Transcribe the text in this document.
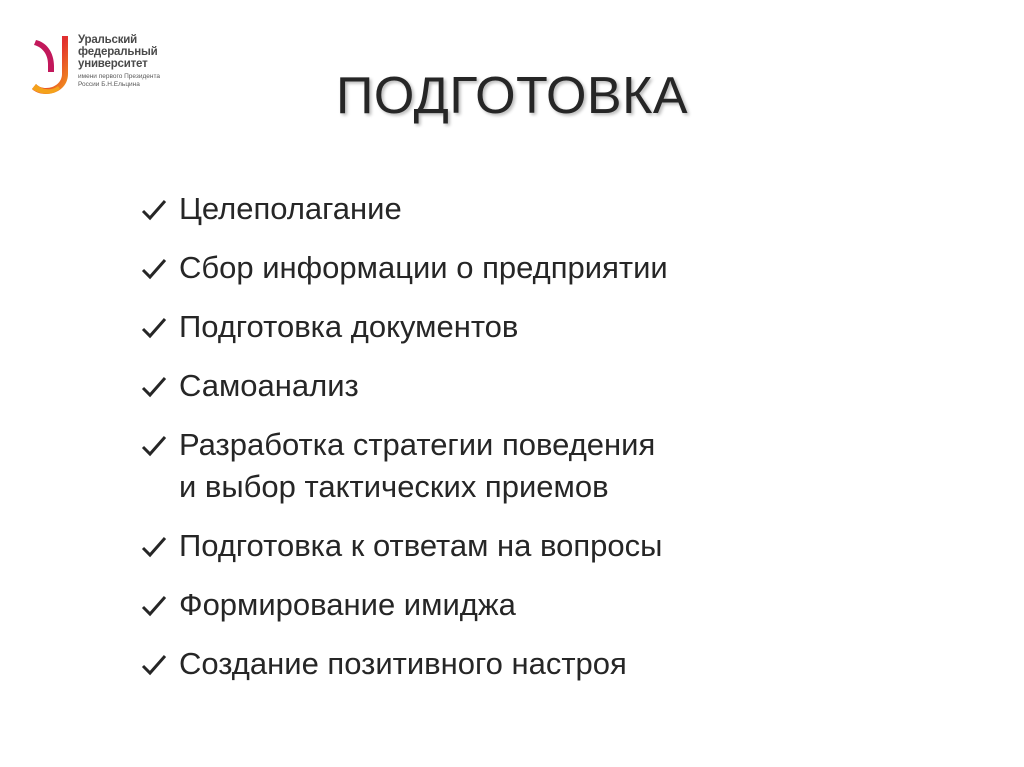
Уральский
федеральный
университет
имени первого Президента
России Б.Н.Ельцина	ПОДГОТОВКА
Целеполагание
Сбор информации о предприятии
Подготовка документов
Самоанализ
Разработка стратегии поведения
и выбор тактических приемов
Подготовка к ответам на вопросы
Формирование имиджа
Создание позитивного настроя
